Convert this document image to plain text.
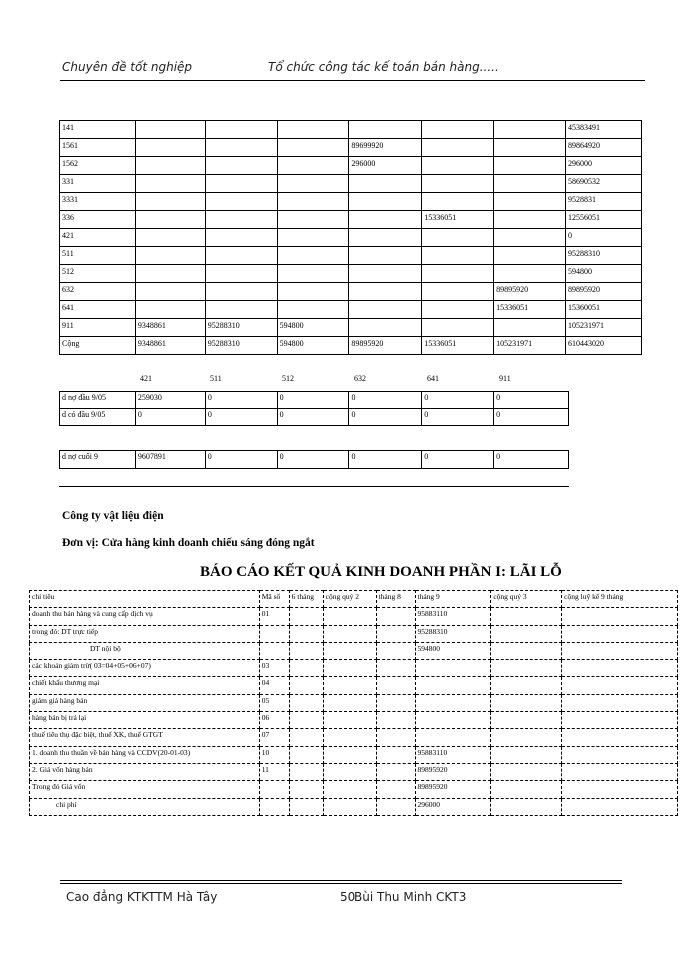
Chuyên đề tốt nghiệp	Tổ chức công tác kế toán bán hàng.....
141							45383491
1561				89699920			89864920
1562				296000			296000
331							58690532
3331							9528831
336					15336051		12556051
421							0
511							95288310
512							594800
632						89895920	89895920
641						15336051	15360051
911	9348861	95288310	594800				105231971
Cộng	9348861	95288310	594800	89895920	15336051	105231971	610443020
421	511	512	632	641	911
d nợ đầu 9/05	259030	0	0	0	0	0
d có đầu 9/05	0	0	0	0	0	0
d nợ cuối 9	9607891	0	0	0	0	0
Công ty vật liệu điện
Đơn vị: Cửa hàng kinh doanh chiếu sáng đóng ngắt
BÁO CÁO KẾT QUẢ KINH DOANH PHẦN I: LÃI LỖ
chỉ tiêu	Mã số	6 tháng	cộng quý 2	tháng 8	tháng 9	cộng quý 3	cộng luỹ kế 9 tháng
doanh thu bán hàng và cung cấp dịch vụ	01				95883110		
trong đó: DT trực tiếp					95288310		
DT nội bộ					594800		
các khoản giảm trừ( 03=04+05+06+07)	03						
chiết khấu thương mại	04						
giảm giá hàng bán	05						
hàng bán bị trả lại	06						
thuế tiêu thụ đặc biệt, thuế XK, thuế GTGT	07						
1. doanh thu thuần về bán hàng và CCDV(20-01-03)	10				95883110		
2. Giá vốn hàng bán	11				89895920		
Trong đó Giá vốn					89895920		
chi phí					296000		
Cao đẳng KTKTTM Hà Tây	50
Bùi Thu Minh CKT3
